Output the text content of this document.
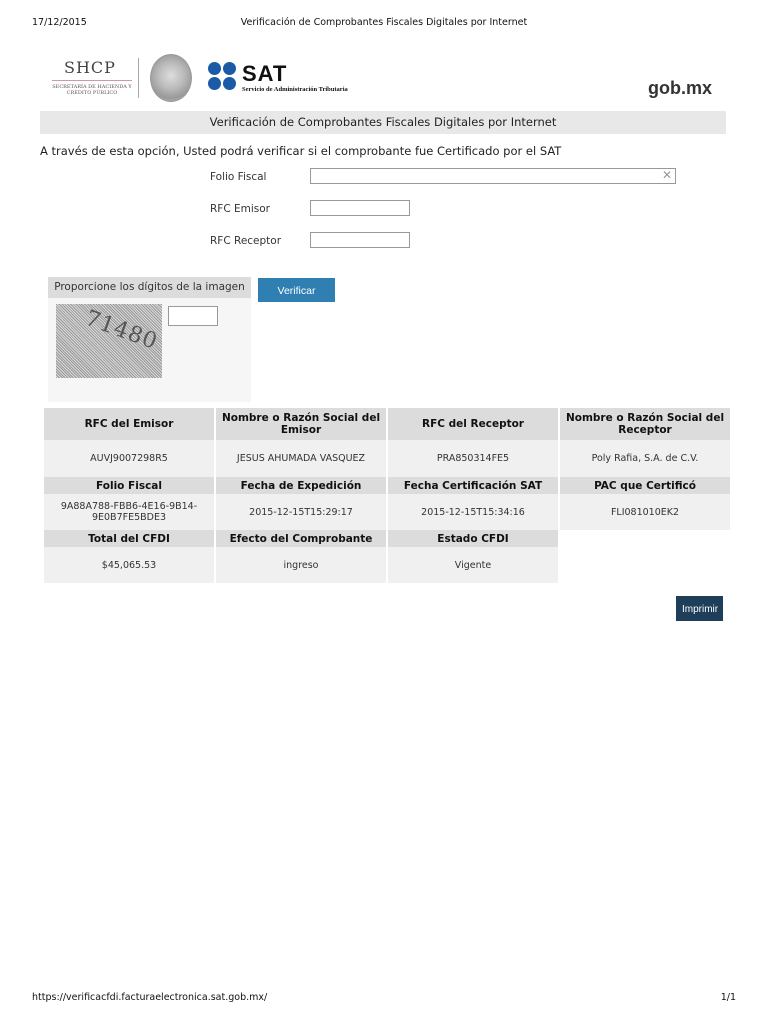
17/12/2015	Verificación de Comprobantes Fiscales Digitales por Internet
SHCP
SECRETARÍA DE HACIENDA Y CRÉDITO PÚBLICO
SAT
Servicio de Administración Tributaria	gob.mx
Verificación de Comprobantes Fiscales Digitales por Internet
A través de esta opción, Usted podrá verificar si el comprobante fue Certificado por el SAT
Folio Fiscal	✕
RFC Emisor
RFC Receptor
Proporcione los dígitos de la imagen
71480
Verificar CFDI
RFC del Emisor	Nombre o Razón Social del Emisor	RFC del Receptor	Nombre o Razón Social del Receptor
AUVJ9007298R5	JESUS AHUMADA VASQUEZ	PRA850314FE5	Poly Rafia, S.A. de C.V.
Folio Fiscal	Fecha de Expedición	Fecha Certificación SAT	PAC que Certificó
9A88A788-FBB6-4E16-9B14-9E0B7FE5BDE3	2015-12-15T15:29:17	2015-12-15T15:34:16	FLI081010EK2
Total del CFDI	Efecto del Comprobante	Estado CFDI	
$45,065.53	ingreso	Vigente	
Imprimir
https://verificacfdi.facturaelectronica.sat.gob.mx/	1/1
